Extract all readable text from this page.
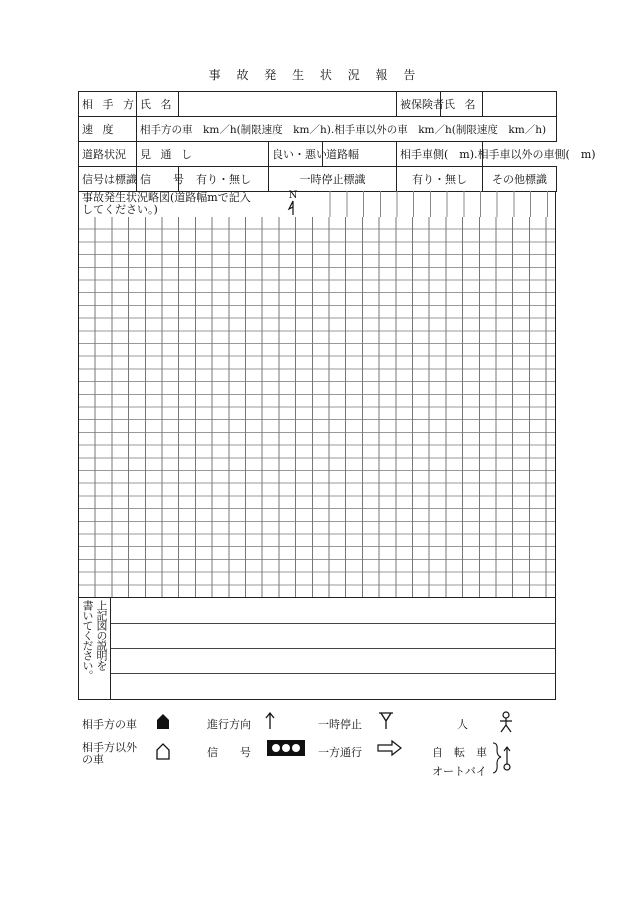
事 故 発 生 状 況 報 告
相 手 方	氏 名				被保険者	氏 名	
速 度	相手方の車　km／h(制限速度　km／h).相手車以外の車　km／h(制限速度　km／h)						
道路状況	見 通 し		良い・悪い	道路幅	相手車側(　m).相手車以外の車側(　m)		
信号は標識	信　　号	有り・無し	一時停止標識		有り・無し		その他標識
事故発生状況略図(道路幅mで記入
してください。)
N
上記図の説明を
書いてください。
相手方の車
相手方以外
の車
進行方向
信　　号
一時停止
一方通行
人
自　転　車
オートバイ
